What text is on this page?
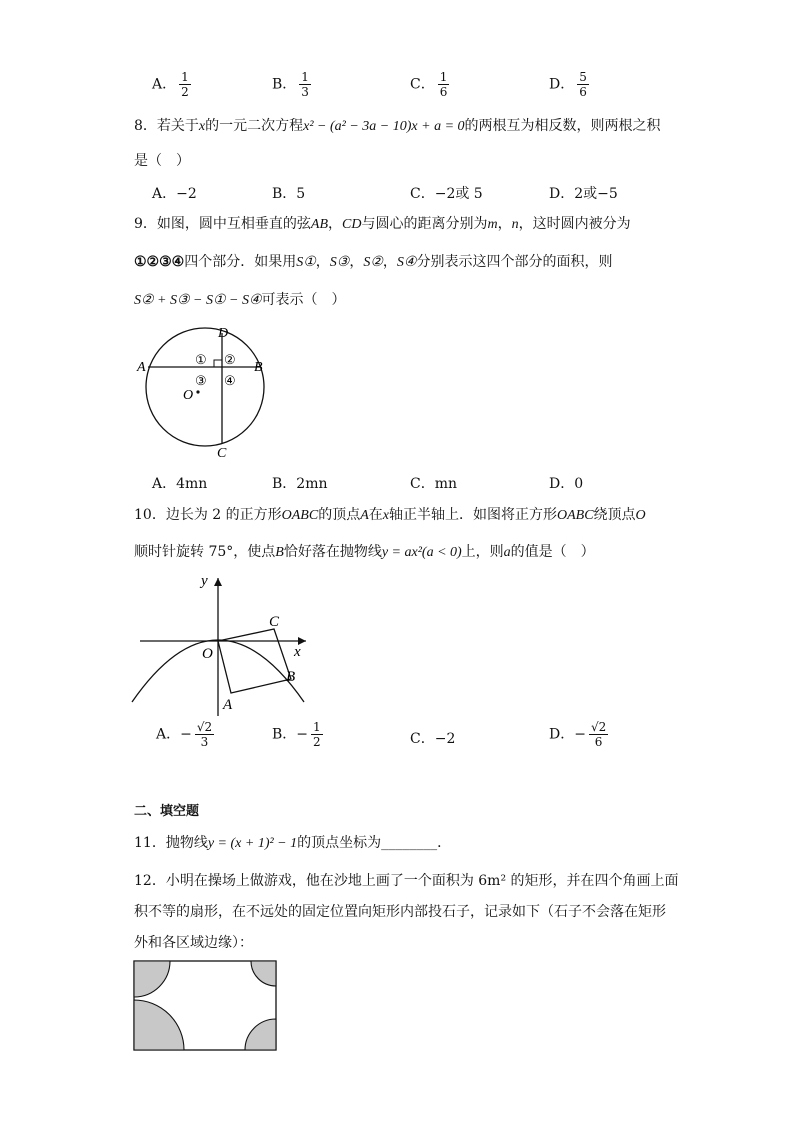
A． $\frac{1}{2}$	B． $\frac{1}{3}$	C． $\frac{1}{6}$	D． $\frac{5}{6}$
8．若关于x的一元二次方程x² − (a² − 3a − 10)x + a = 0的两根互为相反数，则两根之积
是（　）
A．−2	B．5	C．−2或 5	D．2或−5
9．如图，圆中互相垂直的弦AB，CD与圆心的距离分别为m，n，这时圆内被分为
①②③④四个部分．如果用S①，S③，S②，S④分别表示这四个部分的面积，则
S② + S③ − S① − S④可表示（　）
A	B
C
D
O
① ②
③ ④
A．4mn	B．2mn	C．mn	D．0
10．边长为 2 的正方形OABC的顶点A在x轴正半轴上．如图将正方形OABC绕顶点O
顺时针旋转 75°，使点B恰好落在抛物线y = ax²(a < 0)上，则a的值是（　）
y
x
O
A
B
C
A．− $\frac{√2}{3}$	B．− $\frac{1}{2}$	C．−2	D．− $\frac{√2}{6}$
二、填空题
11．抛物线y = (x + 1)² − 1的顶点坐标为________．
12．小明在操场上做游戏，他在沙地上画了一个面积为 6m² 的矩形，并在四个角画上面
积不等的扇形，在不远处的固定位置向矩形内部投石子，记录如下（石子不会落在矩形
外和各区域边缘）：
